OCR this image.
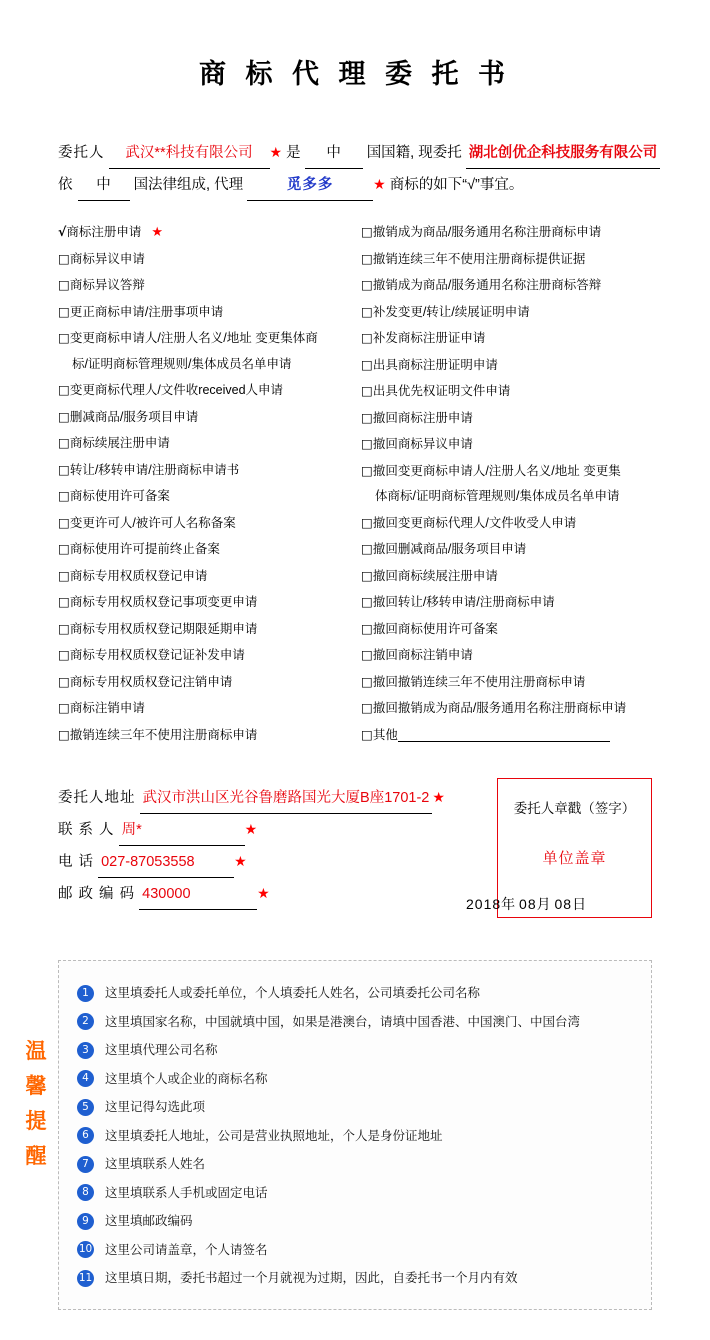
商 标 代 理 委 托 书
委托人 武汉**科技有限公司 ★ 是 中 国国籍, 现委托 湖北创优企科技服务有限公司
依 中 国法律组成, 代理	觅多多	★ 商标的如下“√”事宜。
√商标注册申请 ★
□商标异议申请
□商标异议答辩
□更正商标申请/注册事项申请
□变更商标申请人/注册人名义/地址 变更集体商
标/证明商标管理规则/集体成员名单申请
□变更商标代理人/文件收received人申请
□删减商品/服务项目申请
□商标续展注册申请
□转让/移转申请/注册商标申请书
□商标使用许可备案
□变更许可人/被许可人名称备案
□商标使用许可提前终止备案
□商标专用权质权登记申请
□商标专用权质权登记事项变更申请
□商标专用权质权登记期限延期申请
□商标专用权质权登记证补发申请
□商标专用权质权登记注销申请
□商标注销申请
□撤销连续三年不使用注册商标申请
□撤销成为商品/服务通用名称注册商标申请
□撤销连续三年不使用注册商标提供证据
□撤销成为商品/服务通用名称注册商标答辩
□补发变更/转让/续展证明申请
□补发商标注册证申请
□出具商标注册证明申请
□出具优先权证明文件申请
□撤回商标注册申请
□撤回商标异议申请
□撤回变更商标申请人/注册人名义/地址 变更集
体商标/证明商标管理规则/集体成员名单申请
□撤回变更商标代理人/文件收受人申请
□撤回删减商品/服务项目申请
□撤回商标续展注册申请
□撤回转让/移转申请/注册商标申请
□撤回商标使用许可备案
□撤回商标注销申请
□撤回撤销连续三年不使用注册商标申请
□撤回撤销成为商品/服务通用名称注册商标申请
□其他
委托人地址 武汉市洪山区光谷鲁磨路国光大厦B座1701-2 ★
联 系 人 周*	★
电 话 027-87053558	★
邮 政 编 码 430000	★
委托人章戳（签字）
单位盖章
2018年 08月 08日
温
馨
提
醒
1	这里填委托人或委托单位，个人填委托人姓名，公司填委托公司名称
2	这里填国家名称，中国就填中国，如果是港澳台，请填中国香港、中国澳门、中国台湾
3	这里填代理公司名称
4	这里填个人或企业的商标名称
5	这里记得勾选此项
6	这里填委托人地址，公司是营业执照地址，个人是身份证地址
7	这里填联系人姓名
8	这里填联系人手机或固定电话
9	这里填邮政编码
10 这里公司请盖章，个人请签名
11 这里填日期，委托书超过一个月就视为过期，因此，自委托书一个月内有效
